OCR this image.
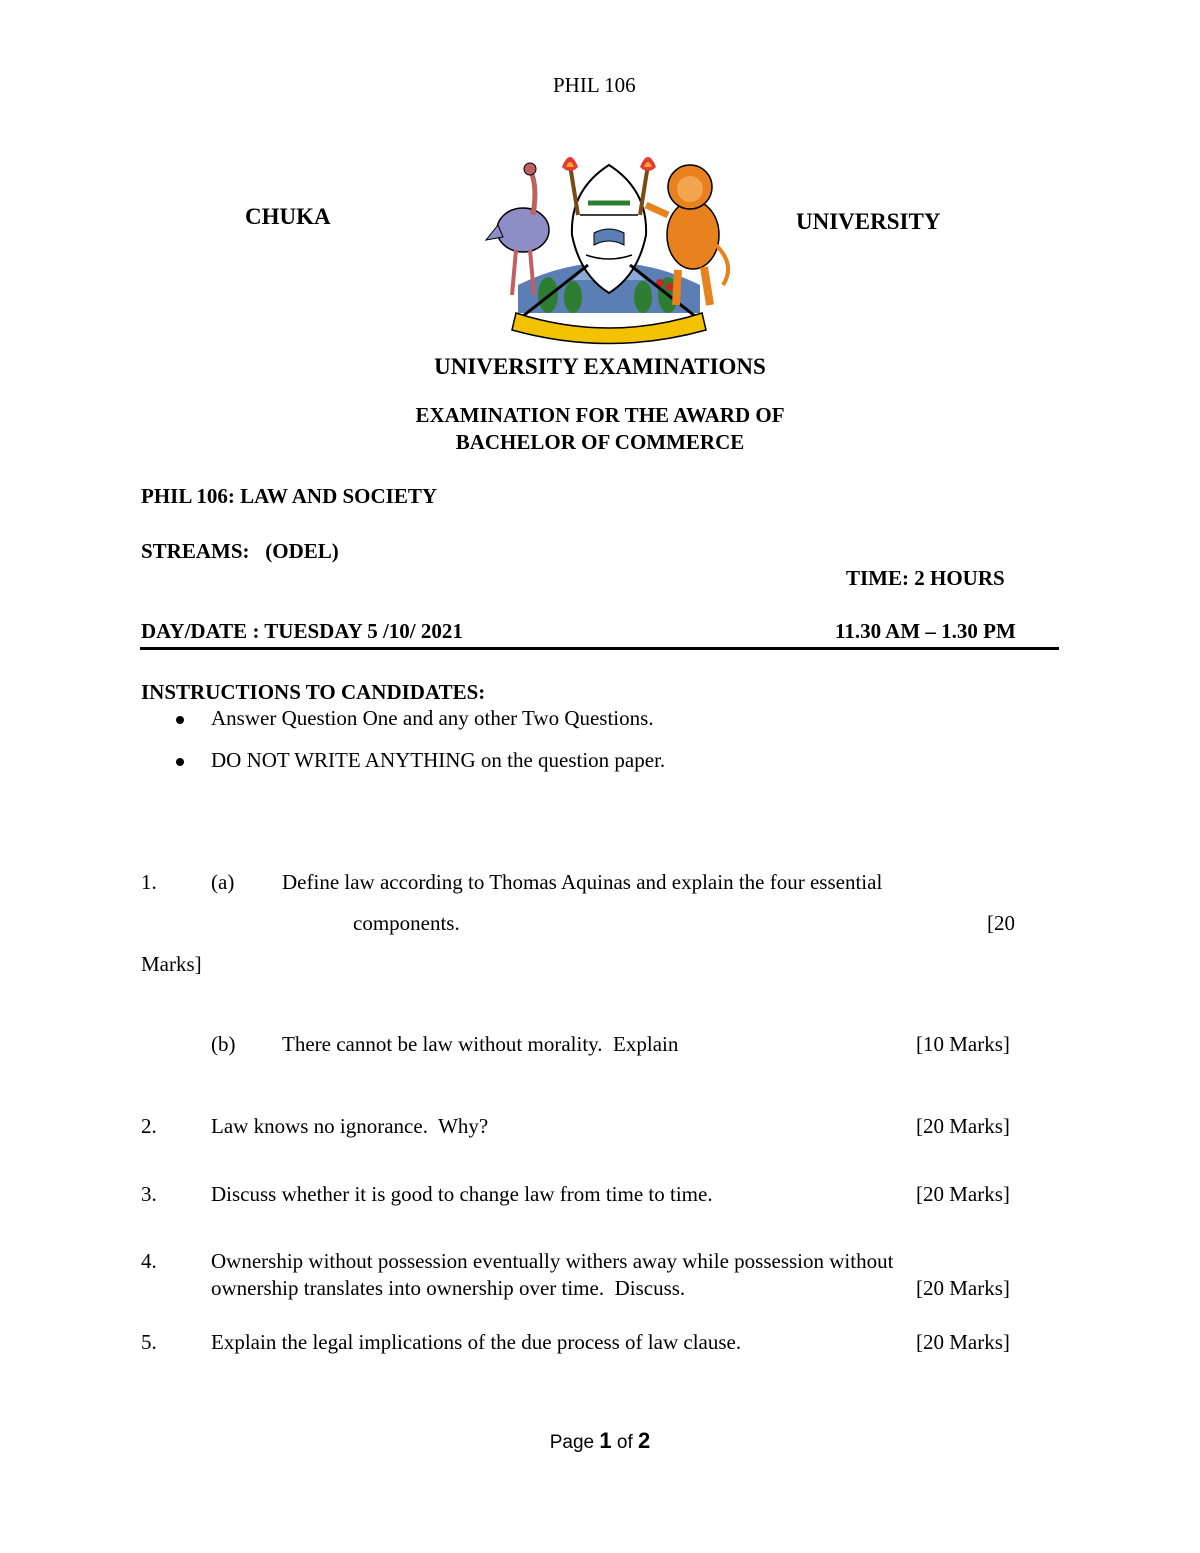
PHIL 106
CHUKA	UNIVERSITY
UNIVERSITY EXAMINATIONS
EXAMINATION FOR THE AWARD OF
BACHELOR OF COMMERCE
PHIL 106: LAW AND SOCIETY
STREAMS:   (ODEL)
TIME: 2 HOURS
DAY/DATE : TUESDAY 5 /10/ 2021	11.30 AM – 1.30 PM
INSTRUCTIONS TO CANDIDATES:
Answer Question One and any other Two Questions.
DO NOT WRITE ANYTHING on the question paper.
1.	(a) Define law according to Thomas Aquinas and explain the four essential
components.	[20
Marks]
(b) There cannot be law without morality.  Explain	[10 Marks]
2.	Law knows no ignorance.  Why?	[20 Marks]
3.	Discuss whether it is good to change law from time to time.	[20 Marks]
4.	Ownership without possession eventually withers away while possession without
ownership translates into ownership over time.  Discuss.	[20 Marks]
5.	Explain the legal implications of the due process of law clause.	[20 Marks]
Page 1 of 2
